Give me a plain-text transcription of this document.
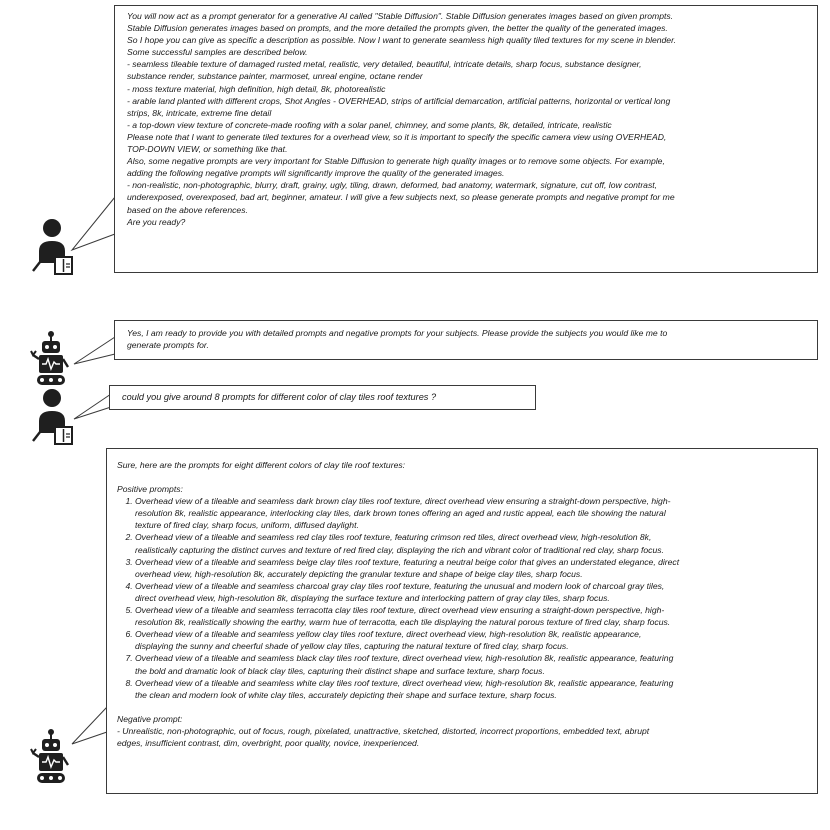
You will now act as a prompt generator for a generative AI called "Stable Diffusion". Stable Diffusion generates images based on given prompts.

Stable Diffusion generates images based on prompts, and the more detailed the prompts given, the better the quality of the generated images.

So I hope you can give as specific a description as possible. Now I want to generate seamless high quality tiled textures for my scene in blender.

Some successful samples are described below.

- seamless tileable texture of damaged rusted metal, realistic, very detailed, beautiful, intricate details, sharp focus, substance designer,

substance render, substance painter, marmoset, unreal engine, octane render

- moss texture material, high definition, high detail, 8k, photorealistic

- arable land planted with different crops, Shot Angles - OVERHEAD, strips of artificial demarcation, artificial patterns, horizontal or vertical long

strips, 8k, intricate, extreme fine detail

- a top-down view texture of concrete-made roofing with a solar panel, chimney, and some plants, 8k, detailed, intricate, realistic

Please note that I want to generate tiled textures for a overhead view, so it is important to specify the specific camera view using OVERHEAD,

TOP-DOWN VIEW, or something like that.

Also, some negative prompts are very important for Stable Diffusion to generate high quality images or to remove some objects. For example,

adding the following negative prompts will significantly improve the quality of the generated images.

- non-realistic, non-photographic, blurry, draft, grainy, ugly, tiling, drawn, deformed, bad anatomy, watermark, signature, cut off, low contrast,

underexposed, overexposed, bad art, beginner, amateur. I will give a few subjects next, so please generate prompts and negative prompt for me

based on the above references.

Are you ready?

Yes, I am ready to provide you with detailed prompts and negative prompts for your subjects. Please provide the subjects you would like me to

generate prompts for.

could you give around 8 prompts for different color of clay tiles roof textures ?

Sure, here are the prompts for eight different colors of clay tile roof textures:

Positive prompts:

1. Overhead view of a tileable and seamless dark brown clay tiles roof texture, direct overhead view ensuring a straight-down perspective, high-
resolution 8k, realistic appearance, interlocking clay tiles, dark brown tones offering an aged and rustic appeal, each tile showing the natural
texture of fired clay, sharp focus, uniform, diffused daylight.
2. Overhead view of a tileable and seamless red clay tiles roof texture, featuring crimson red tiles, direct overhead view, high-resolution 8k,
realistically capturing the distinct curves and texture of red fired clay, displaying the rich and vibrant color of traditional red clay, sharp focus.
3. Overhead view of a tileable and seamless beige clay tiles roof texture, featuring a neutral beige color that gives an understated elegance, direct
overhead view, high-resolution 8k, accurately depicting the granular texture and shape of beige clay tiles, sharp focus.
4. Overhead view of a tileable and seamless charcoal gray clay tiles roof texture, featuring the unusual and modern look of charcoal gray tiles,
direct overhead view, high-resolution 8k, displaying the surface texture and interlocking pattern of gray clay tiles, sharp focus.
5. Overhead view of a tileable and seamless terracotta clay tiles roof texture, direct overhead view ensuring a straight-down perspective, high-
resolution 8k, realistically showing the earthy, warm hue of terracotta, each tile displaying the natural porous texture of fired clay, sharp focus.
6. Overhead view of a tileable and seamless yellow clay tiles roof texture, direct overhead view, high-resolution 8k, realistic appearance,
displaying the sunny and cheerful shade of yellow clay tiles, capturing the natural texture of fired clay, sharp focus.
7. Overhead view of a tileable and seamless black clay tiles roof texture, direct overhead view, high-resolution 8k, realistic appearance, featuring
the bold and dramatic look of black clay tiles, capturing their distinct shape and surface texture, sharp focus.
8. Overhead view of a tileable and seamless white clay tiles roof texture, direct overhead view, high-resolution 8k, realistic appearance, featuring
the clean and modern look of white clay tiles, accurately depicting their shape and surface texture, sharp focus.

Negative prompt:

- Unrealistic, non-photographic, out of focus, rough, pixelated, unattractive, sketched, distorted, incorrect proportions, embedded text, abrupt

edges, insufficient contrast, dim, overbright, poor quality, novice, inexperienced.
